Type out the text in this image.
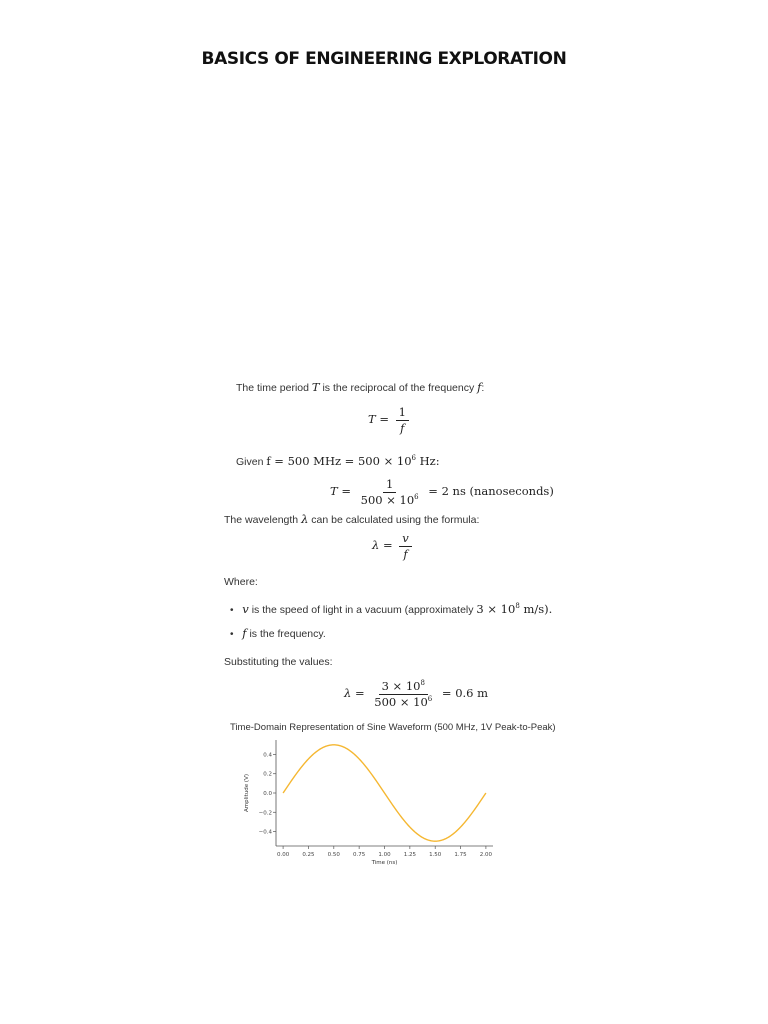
BASICS OF ENGINEERING EXPLORATION
The time period T is the reciprocal of the frequency f:
$T = \frac{1}{f}$
Given f = 500 MHz = $500 \times 10^6$ Hz:
$T = \frac{1}{500 \times 10^6} = 2$ ns (nanoseconds)
The wavelength λ can be calculated using the formula:
$\lambda = \frac{v}{f}$
Where:
• v is the speed of light in a vacuum (approximately $3 \times 10^8$ m/s).
• f is the frequency.
Substituting the values:
$\lambda = \frac{3 \times 10^8}{500 \times 10^6} = 0.6$ m
Time-Domain Representation of Sine Waveform (500 MHz, 1V Peak-to-Peak)
0.00 0.25 0.50 0.75 1.00 1.25 1.50 1.75 2.00
0.4
0.2
0.0
−0.2
−0.4
Time (ns)
Amplitude (V)
